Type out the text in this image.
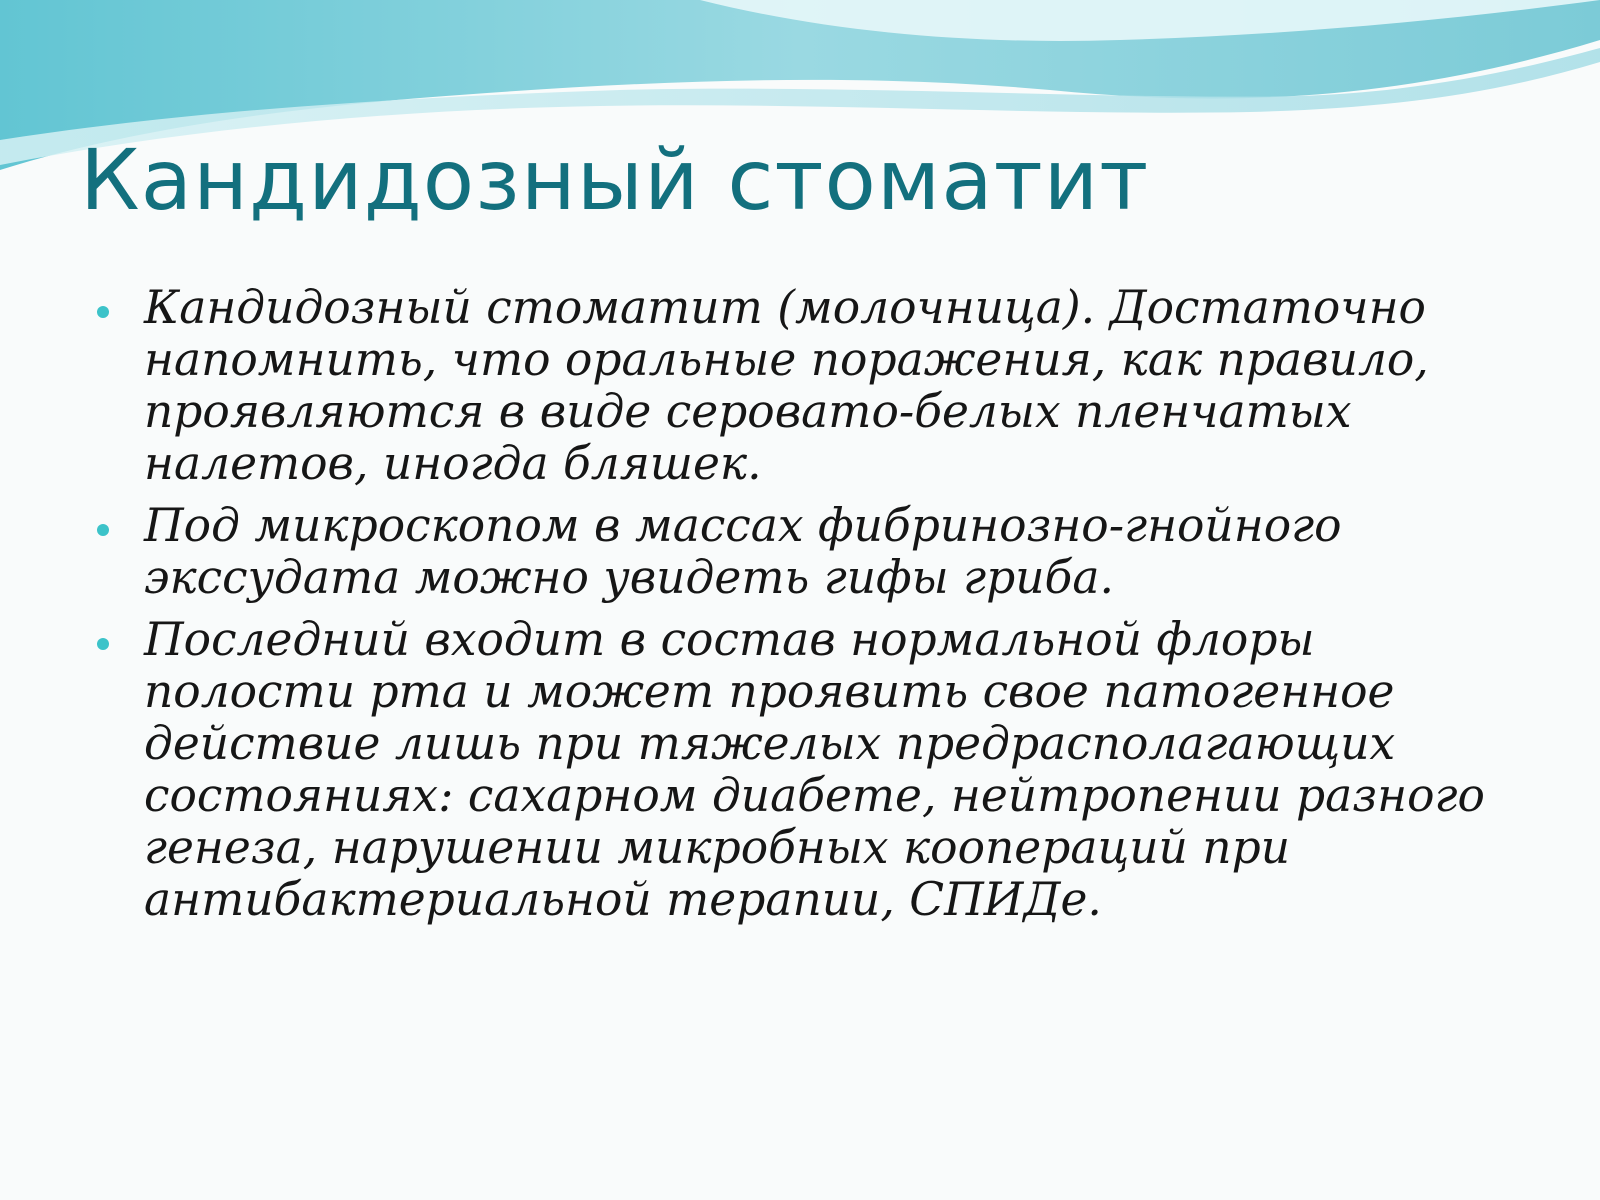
Кандидозный стоматит
Кандидозный стоматит (молочница). Достаточно напомнить, что оральные поражения, как правило, проявляются в виде серовато-белых пленчатых налетов, иногда бляшек.
Под микроскопом в массах фибринозно-гнойного экссудата можно увидеть гифы гриба.
Последний входит в состав нормальной флоры полости рта и может проявить свое патогенное действие лишь при тяжелых предрасполагающих состояниях: сахарном диабете, нейтропении разного генеза, нарушении микробных коопераций при антибактериальной терапии, СПИДе.
